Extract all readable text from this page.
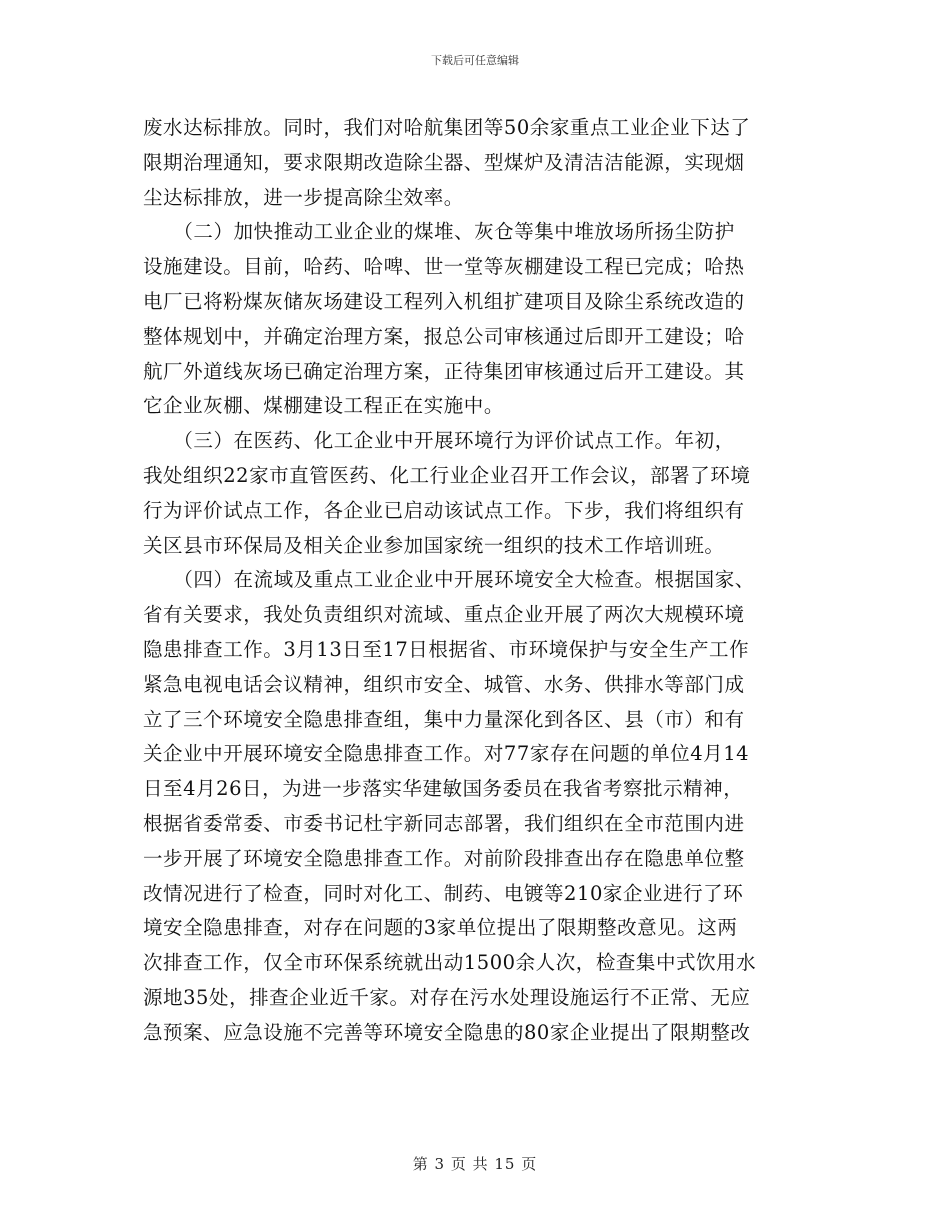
下载后可任意编辑
废水达标排放。同时，我们对哈航集团等50余家重点工业企业下达了
限期治理通知，要求限期改造除尘器、型煤炉及清洁洁能源，实现烟
尘达标排放，进一步提高除尘效率。
　　（二）加快推动工业企业的煤堆、灰仓等集中堆放场所扬尘防护
设施建设。目前，哈药、哈啤、世一堂等灰棚建设工程已完成；哈热
电厂已将粉煤灰储灰场建设工程列入机组扩建项目及除尘系统改造的
整体规划中，并确定治理方案，报总公司审核通过后即开工建设；哈
航厂外道线灰场已确定治理方案，正待集团审核通过后开工建设。其
它企业灰棚、煤棚建设工程正在实施中。
　　（三）在医药、化工企业中开展环境行为评价试点工作。年初，
我处组织22家市直管医药、化工行业企业召开工作会议，部署了环境
行为评价试点工作，各企业已启动该试点工作。下步，我们将组织有
关区县市环保局及相关企业参加国家统一组织的技术工作培训班。
　　（四）在流域及重点工业企业中开展环境安全大检查。根据国家、
省有关要求，我处负责组织对流域、重点企业开展了两次大规模环境
隐患排查工作。3月13日至17日根据省、市环境保护与安全生产工作
紧急电视电话会议精神，组织市安全、城管、水务、供排水等部门成
立了三个环境安全隐患排查组，集中力量深化到各区、县（市）和有
关企业中开展环境安全隐患排查工作。对77家存在问题的单位4月14
日至4月26日，为进一步落实华建敏国务委员在我省考察批示精神，
根据省委常委、市委书记杜宇新同志部署，我们组织在全市范围内进
一步开展了环境安全隐患排查工作。对前阶段排查出存在隐患单位整
改情况进行了检查，同时对化工、制药、电镀等210家企业进行了环
境安全隐患排查，对存在问题的3家单位提出了限期整改意见。这两
次排查工作，仅全市环保系统就出动1500余人次，检查集中式饮用水
源地35处，排查企业近千家。对存在污水处理设施运行不正常、无应
急预案、应急设施不完善等环境安全隐患的80家企业提出了限期整改
第 3 页 共 15 页
